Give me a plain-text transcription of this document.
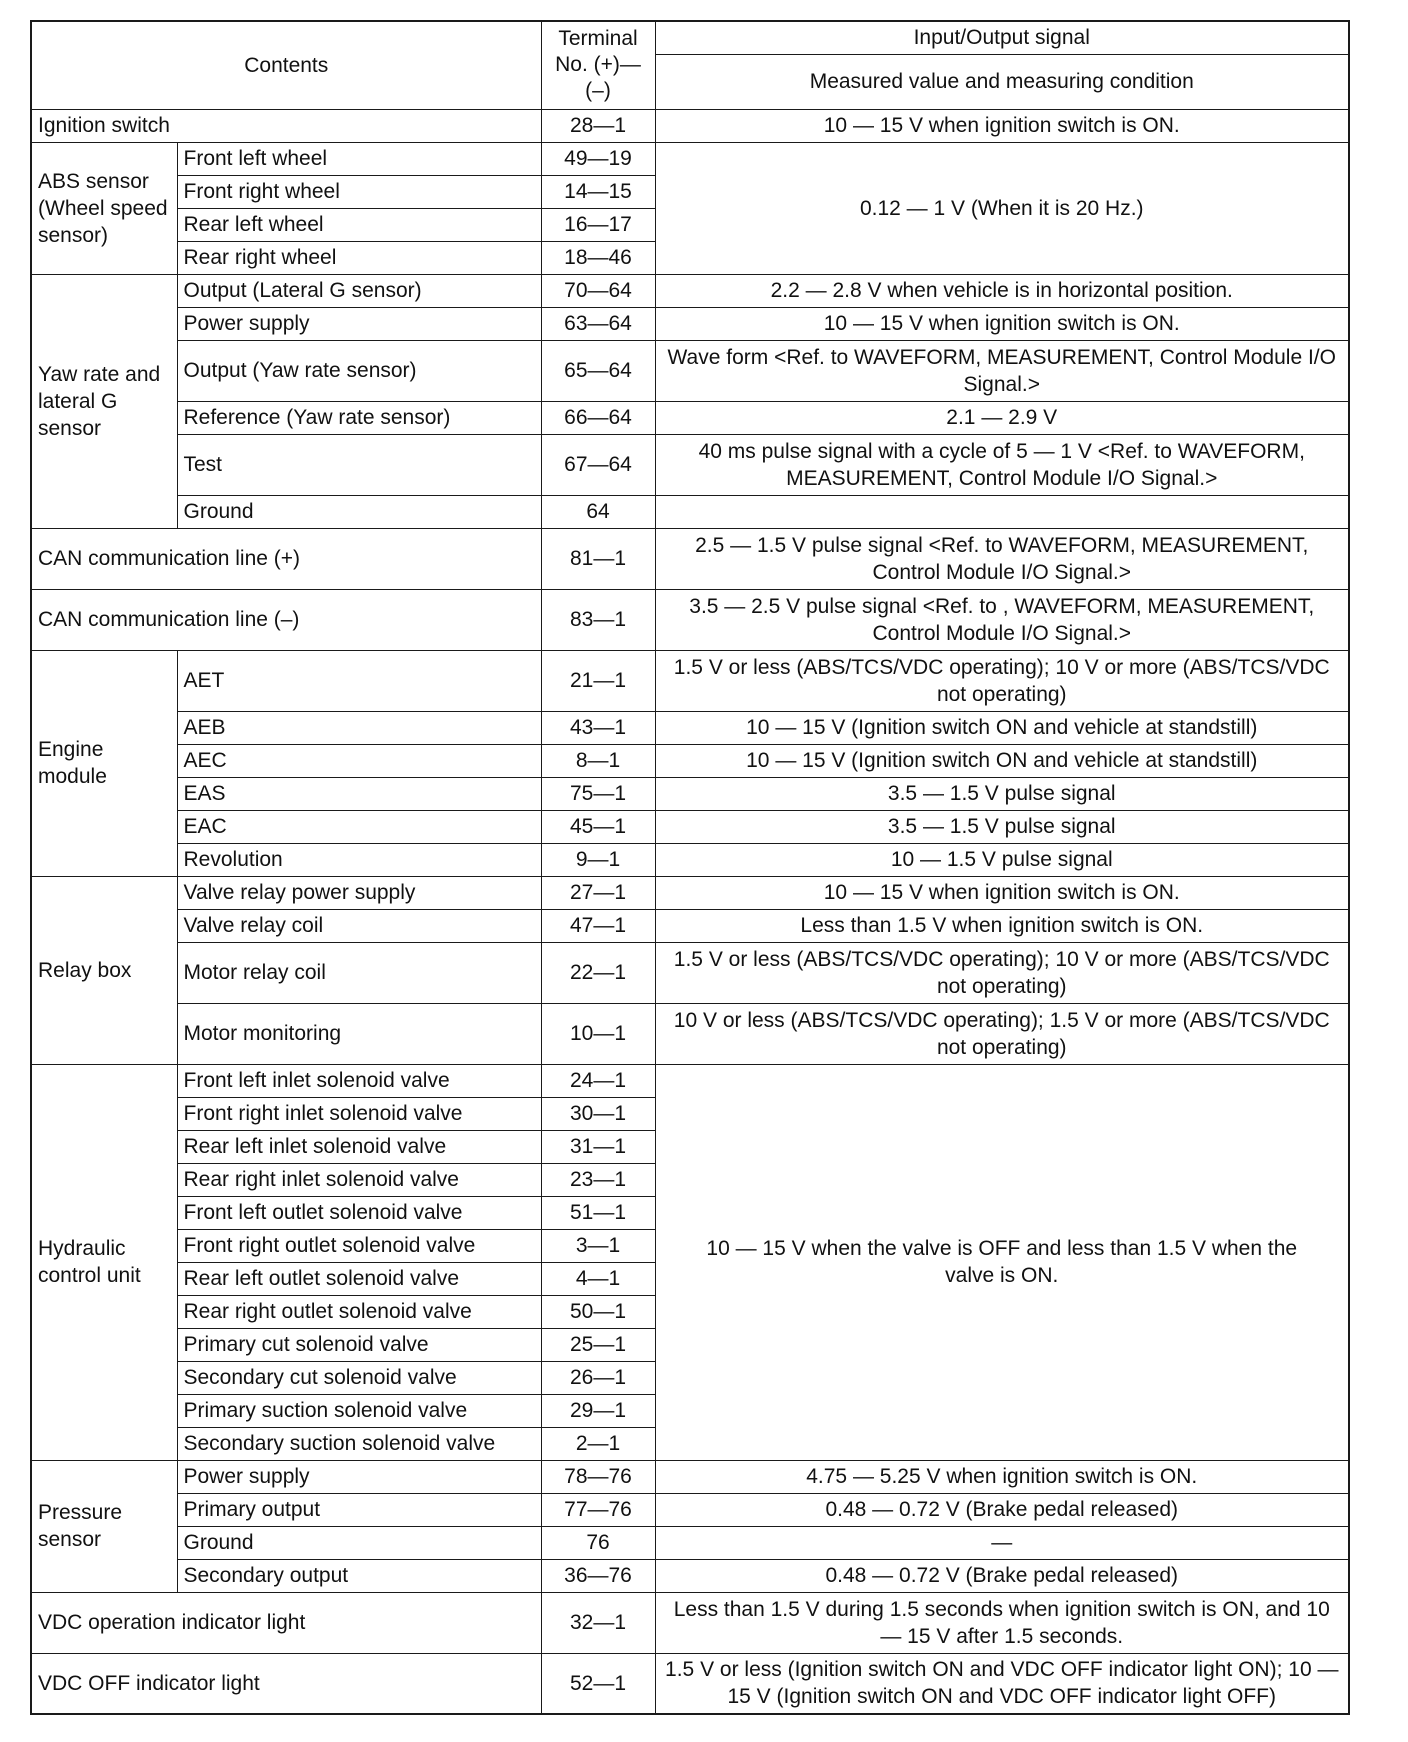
Contents		Terminal No. (+)—(–)	Input/Output signal
			Measured value and measuring condition
Ignition switch		28—1	10 — 15 V when ignition switch is ON.
ABS sensor (Wheel speed sensor)	Front left wheel	49—19	0.12 — 1 V (When it is 20 Hz.)
	Front right wheel	14—15	
	Rear left wheel	16—17	
	Rear right wheel	18—46	
Yaw rate and lateral G sensor	Output (Lateral G sensor)	70—64	2.2 — 2.8 V when vehicle is in horizontal position.
	Power supply	63—64	10 — 15 V when ignition switch is ON.
	Output (Yaw rate sensor)	65—64	Wave form <Ref. to WAVEFORM, MEASUREMENT, Control Module I/O Signal.>
	Reference (Yaw rate sensor)	66—64	2.1 — 2.9 V
	Test	67—64	40 ms pulse signal with a cycle of 5 — 1 V <Ref. to WAVEFORM, MEASUREMENT, Control Module I/O Signal.>
	Ground	64	
CAN communication line (+)		81—1	2.5 — 1.5 V pulse signal <Ref. to WAVEFORM, MEASUREMENT, Control Module I/O Signal.>
CAN communication line (–)		83—1	3.5 — 2.5 V pulse signal <Ref. to , WAVEFORM, MEASUREMENT, Control Module I/O Signal.>
Engine module	AET	21—1	1.5 V or less (ABS/TCS/VDC operating); 10 V or more (ABS/TCS/VDC not operating)
	AEB	43—1	10 — 15 V (Ignition switch ON and vehicle at standstill)
	AEC	8—1	10 — 15 V (Ignition switch ON and vehicle at standstill)
	EAS	75—1	3.5 — 1.5 V pulse signal
	EAC	45—1	3.5 — 1.5 V pulse signal
	Revolution	9—1	10 — 1.5 V pulse signal
Relay box	Valve relay power supply	27—1	10 — 15 V when ignition switch is ON.
	Valve relay coil	47—1	Less than 1.5 V when ignition switch is ON.
	Motor relay coil	22—1	1.5 V or less (ABS/TCS/VDC operating); 10 V or more (ABS/TCS/VDC not operating)
	Motor monitoring	10—1	10 V or less (ABS/TCS/VDC operating); 1.5 V or more (ABS/TCS/VDC not operating)
Hydraulic control unit	Front left inlet solenoid valve	24—1	10 — 15 V when the valve is OFF and less than 1.5 V when the valve is ON.
	Front right inlet solenoid valve	30—1	
	Rear left inlet solenoid valve	31—1	
	Rear right inlet solenoid valve	23—1	
	Front left outlet solenoid valve	51—1	
	Front right outlet solenoid valve	3—1	
	Rear left outlet solenoid valve	4—1	
	Rear right outlet solenoid valve	50—1	
	Primary cut solenoid valve	25—1	
	Secondary cut solenoid valve	26—1	
	Primary suction solenoid valve	29—1	
	Secondary suction solenoid valve	2—1	
Pressure sensor	Power supply	78—76	4.75 — 5.25 V when ignition switch is ON.
	Primary output	77—76	0.48 — 0.72 V (Brake pedal released)
	Ground	76	—
	Secondary output	36—76	0.48 — 0.72 V (Brake pedal released)
VDC operation indicator light		32—1	Less than 1.5 V during 1.5 seconds when ignition switch is ON, and 10 — 15 V after 1.5 seconds.
VDC OFF indicator light		52—1	1.5 V or less (Ignition switch ON and VDC OFF indicator light ON); 10 — 15 V (Ignition switch ON and VDC OFF indicator light OFF)
